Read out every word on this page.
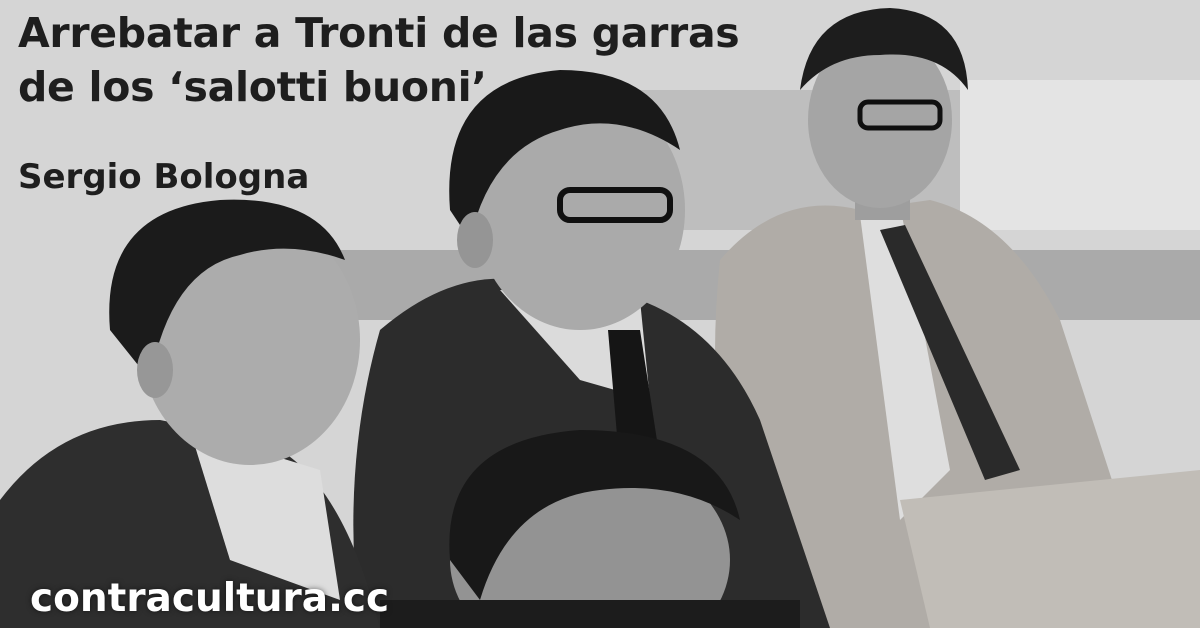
Arrebatar a Tronti de las garras
de los ‘salotti buoni’
Sergio Bologna
contracultura.cc
